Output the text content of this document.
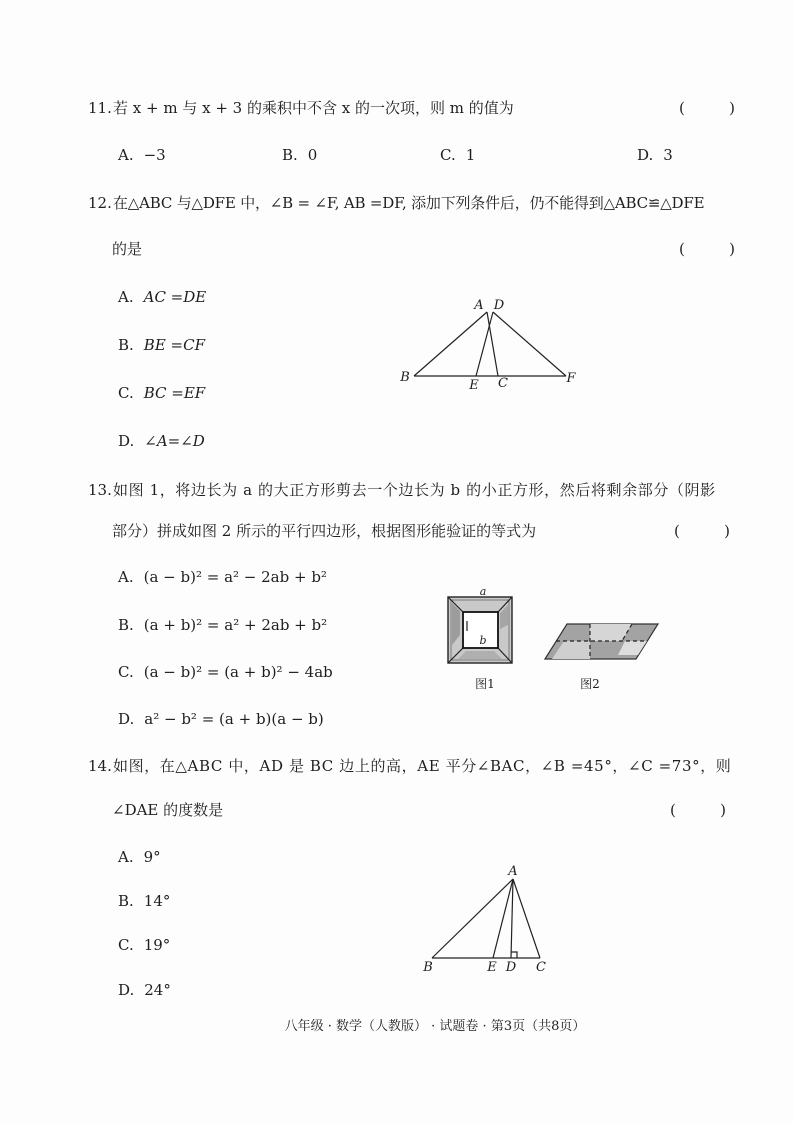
11. 若 x + m 与 x + 3 的乘积中不含 x 的一次项，则 m 的值为	(	)
A. −3	B. 0	C. 1	D. 3
12. 在△ABC 与△DFE 中，∠B = ∠F, AB =DF, 添加下列条件后，仍不能得到△ABC≌△DFE
的是	(	)
A. AC =DE
B. BE =CF
C. BC =EF
D. ∠A=∠D
A D
B
E C	F
13. 如图 1，将边长为 a 的大正方形剪去一个边长为 b 的小正方形，然后将剩余部分（阴影
部分）拼成如图 2 所示的平行四边形，根据图形能验证的等式为	(	)
A. (a − b)² = a² − 2ab + b²
B. (a + b)² = a² + 2ab + b²
C. (a − b)² = (a + b)² − 4ab
D. a² − b² = (a + b)(a − b)
a
b
图1	图2
14. 如图，在△ABC 中，AD 是 BC 边上的高，AE 平分∠BAC，∠B =45°，∠C =73°，则
∠DAE 的度数是	(	)
A. 9°
B. 14°
C. 19°
D. 24°
A
B	E D C
八年级 · 数学（人教版） · 试题卷 · 第3页（共8页）
